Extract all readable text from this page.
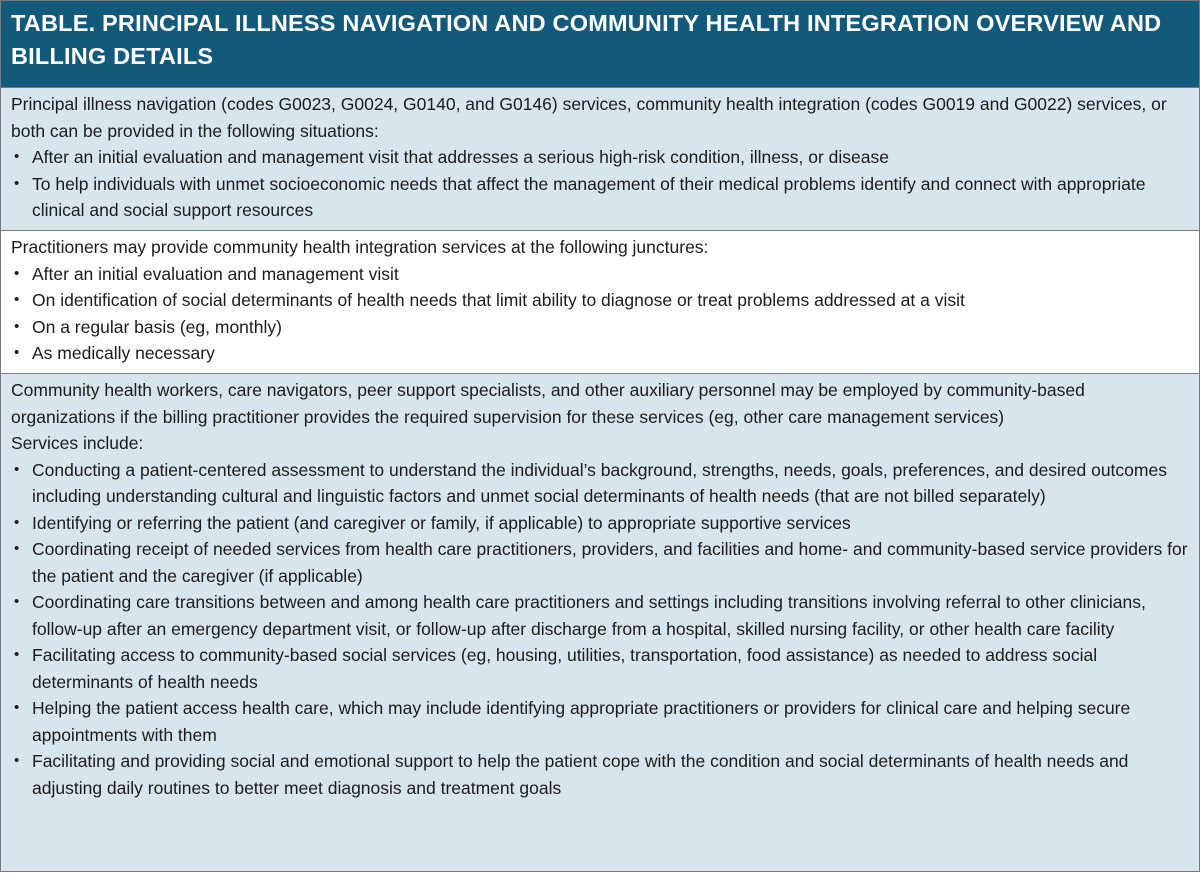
TABLE. PRINCIPAL ILLNESS NAVIGATION AND COMMUNITY HEALTH INTEGRATION OVERVIEW AND BILLING DETAILS

Principal illness navigation (codes G0023, G0024, G0140, and G0146) services, community health integration (codes G0019 and G0022) services, or both can be provided in the following situations:

• After an initial evaluation and management visit that addresses a serious high-risk condition, illness, or disease
• To help individuals with unmet socioeconomic needs that affect the management of their medical problems identify and connect with appropriate clinical and social support resources

Practitioners may provide community health integration services at the following junctures:

• After an initial evaluation and management visit
• On identification of social determinants of health needs that limit ability to diagnose or treat problems addressed at a visit
• On a regular basis (eg, monthly)
• As medically necessary

Community health workers, care navigators, peer support specialists, and other auxiliary personnel may be employed by community-based organizations if the billing practitioner provides the required supervision for these services (eg, other care management services)

Services include:

• Conducting a patient-centered assessment to understand the individual’s background, strengths, needs, goals, preferences, and desired outcomes including understanding cultural and linguistic factors and unmet social determinants of health needs (that are not billed separately)
• Identifying or referring the patient (and caregiver or family, if applicable) to appropriate supportive services
• Coordinating receipt of needed services from health care practitioners, providers, and facilities and home- and community-based service providers for the patient and the caregiver (if applicable)
• Coordinating care transitions between and among health care practitioners and settings including transitions involving referral to other clinicians, follow-up after an emergency department visit, or follow-up after discharge from a hospital, skilled nursing facility, or other health care facility
• Facilitating access to community-based social services (eg, housing, utilities, transportation, food assistance) as needed to address social determinants of health needs
• Helping the patient access health care, which may include identifying appropriate practitioners or providers for clinical care and helping secure appointments with them
• Facilitating and providing social and emotional support to help the patient cope with the condition and social determinants of health needs and adjusting daily routines to better meet diagnosis and treatment goals
